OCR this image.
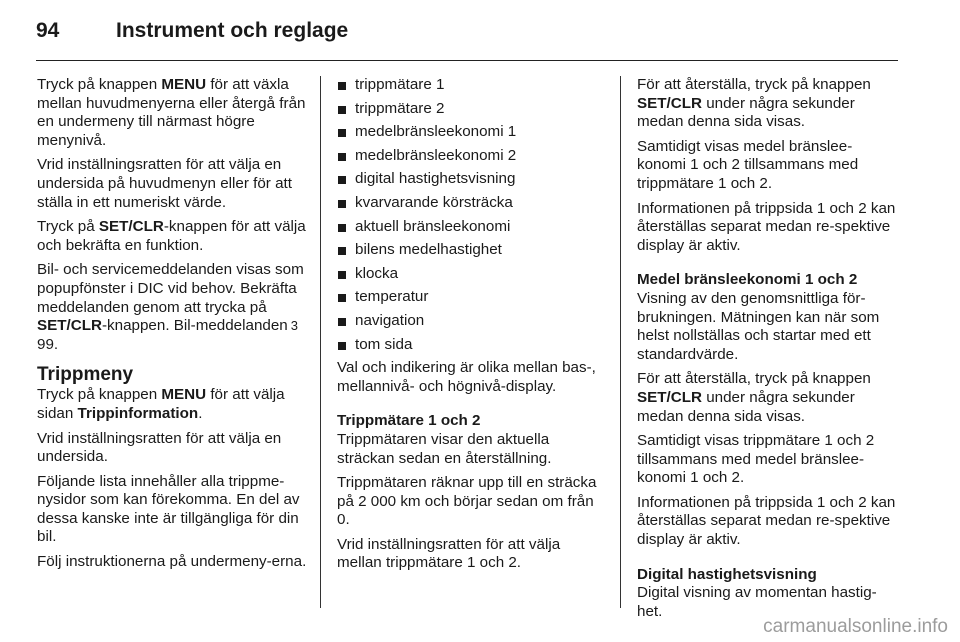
94	Instrument och reglage

Tryck på knappen MENU för att växla mellan huvudmenyerna eller återgå från en undermeny till närmast högre menynivå.

Vrid inställningsratten för att välja en undersida på huvudmenyn eller för att ställa in ett numeriskt värde.

Tryck på SET/CLR-knappen för att välja och bekräfta en funktion.

Bil- och servicemeddelanden visas som popupfönster i DIC vid behov. Bekräfta meddelanden genom att trycka på SET/CLR-knappen. Bil-meddelanden 399.

Trippmeny

Tryck på knappen MENU för att välja sidan Trippinformation.

Vrid inställningsratten för att välja en undersida.

Följande lista innehåller alla trippme-nysidor som kan förekomma. En del av dessa kanske inte är tillgängliga för din bil.

Följ instruktionerna på undermeny-erna.

trippmätare 1
trippmätare 2
medelbränsleekonomi 1
medelbränsleekonomi 2
digital hastighetsvisning
kvarvarande körsträcka
aktuell bränsleekonomi
bilens medelhastighet
klocka
temperatur
navigation
tom sida

Val och indikering är olika mellan bas-, mellannivå- och högnivå-display.

Trippmätare 1 och 2

Trippmätaren visar den aktuella sträckan sedan en återställning.

Trippmätaren räknar upp till en sträcka på 2 000 km och börjar sedan om från 0.

Vrid inställningsratten för att välja mellan trippmätare 1 och 2.

För att återställa, tryck på knappen SET/CLR under några sekunder medan denna sida visas.

Samtidigt visas medel bränslee-konomi 1 och 2 tillsammans med trippmätare 1 och 2.

Informationen på trippsida 1 och 2 kan återställas separat medan re-spektive display är aktiv.

Medel bränsleekonomi 1 och 2

Visning av den genomsnittliga för-brukningen. Mätningen kan när som helst nollställas och startar med ett standardvärde.

För att återställa, tryck på knappen SET/CLR under några sekunder medan denna sida visas.

Samtidigt visas trippmätare 1 och 2 tillsammans med medel bränslee-konomi 1 och 2.

Informationen på trippsida 1 och 2 kan återställas separat medan re-spektive display är aktiv.

Digital hastighetsvisning

Digital visning av momentan hastig-het.

carmanualsonline.info
